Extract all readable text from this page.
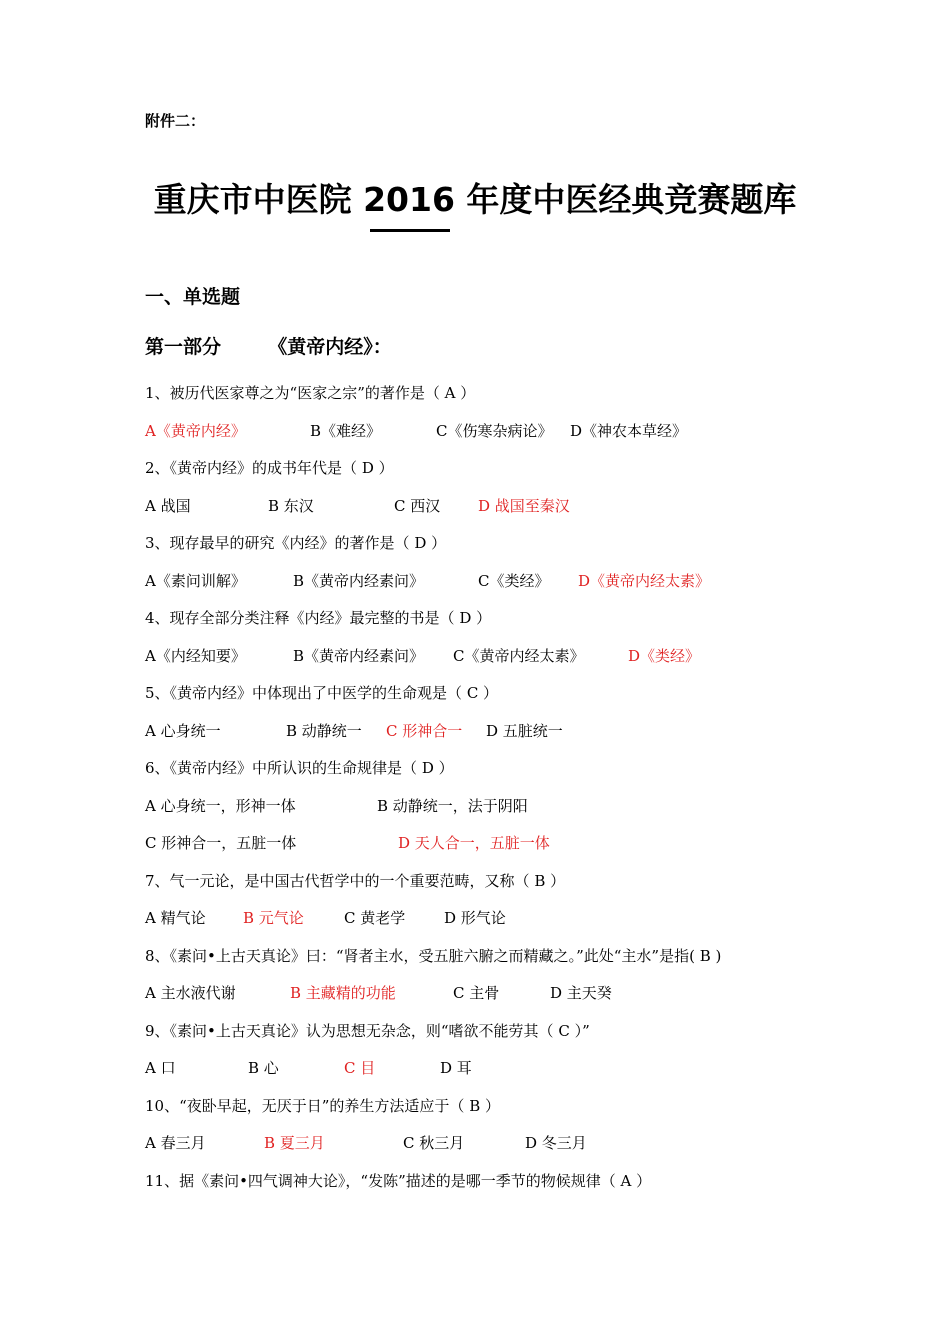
附件二：
重庆市中医院 2016 年度中医经典竞赛题库
一、单选题
第一部分 《黄帝内经》：
1、被历代医家尊之为“医家之宗”的著作是（ A ）
A《黄帝内经》	B《难经》	C《伤寒杂病论》 D《神农本草经》
2、《黄帝内经》的成书年代是（ D ）
A 战国	B 东汉	C 西汉	D 战国至秦汉
3、现存最早的研究《内经》的著作是（ D ）
A《素问训解》	B《黄帝内经素问》	C《类经》 D《黄帝内经太素》
4、现存全部分类注释《内经》最完整的书是（ D ）
A《内经知要》	B《黄帝内经素问》 C《黄帝内经太素》	D《类经》
5、《黄帝内经》中体现出了中医学的生命观是（ C ）
A 心身统一	B 动静统一 C 形神合一 D 五脏统一
6、《黄帝内经》中所认识的生命规律是（ D ）
A 心身统一，形神一体	B 动静统一，法于阴阳
C 形神合一，五脏一体	D 天人合一，五脏一体
7、气一元论，是中国古代哲学中的一个重要范畴，又称（ B ）
A 精气论 B 元气论	C 黄老学	D 形气论
8、《素问•上古天真论》曰：“肾者主水，受五脏六腑之而精藏之。”此处“主水”是指( B )
A 主水液代谢	B 主藏精的功能	C 主骨	D 主天癸
9、《素问•上古天真论》认为思想无杂念，则“嗜欲不能劳其（ C ）”
A 口	B 心	C 目	D 耳
10、“夜卧早起，无厌于日”的养生方法适应于（ B ）
A 春三月	B 夏三月	C 秋三月	D 冬三月
11、据《素问•四气调神大论》，“发陈”描述的是哪一季节的物候规律（ A ）
